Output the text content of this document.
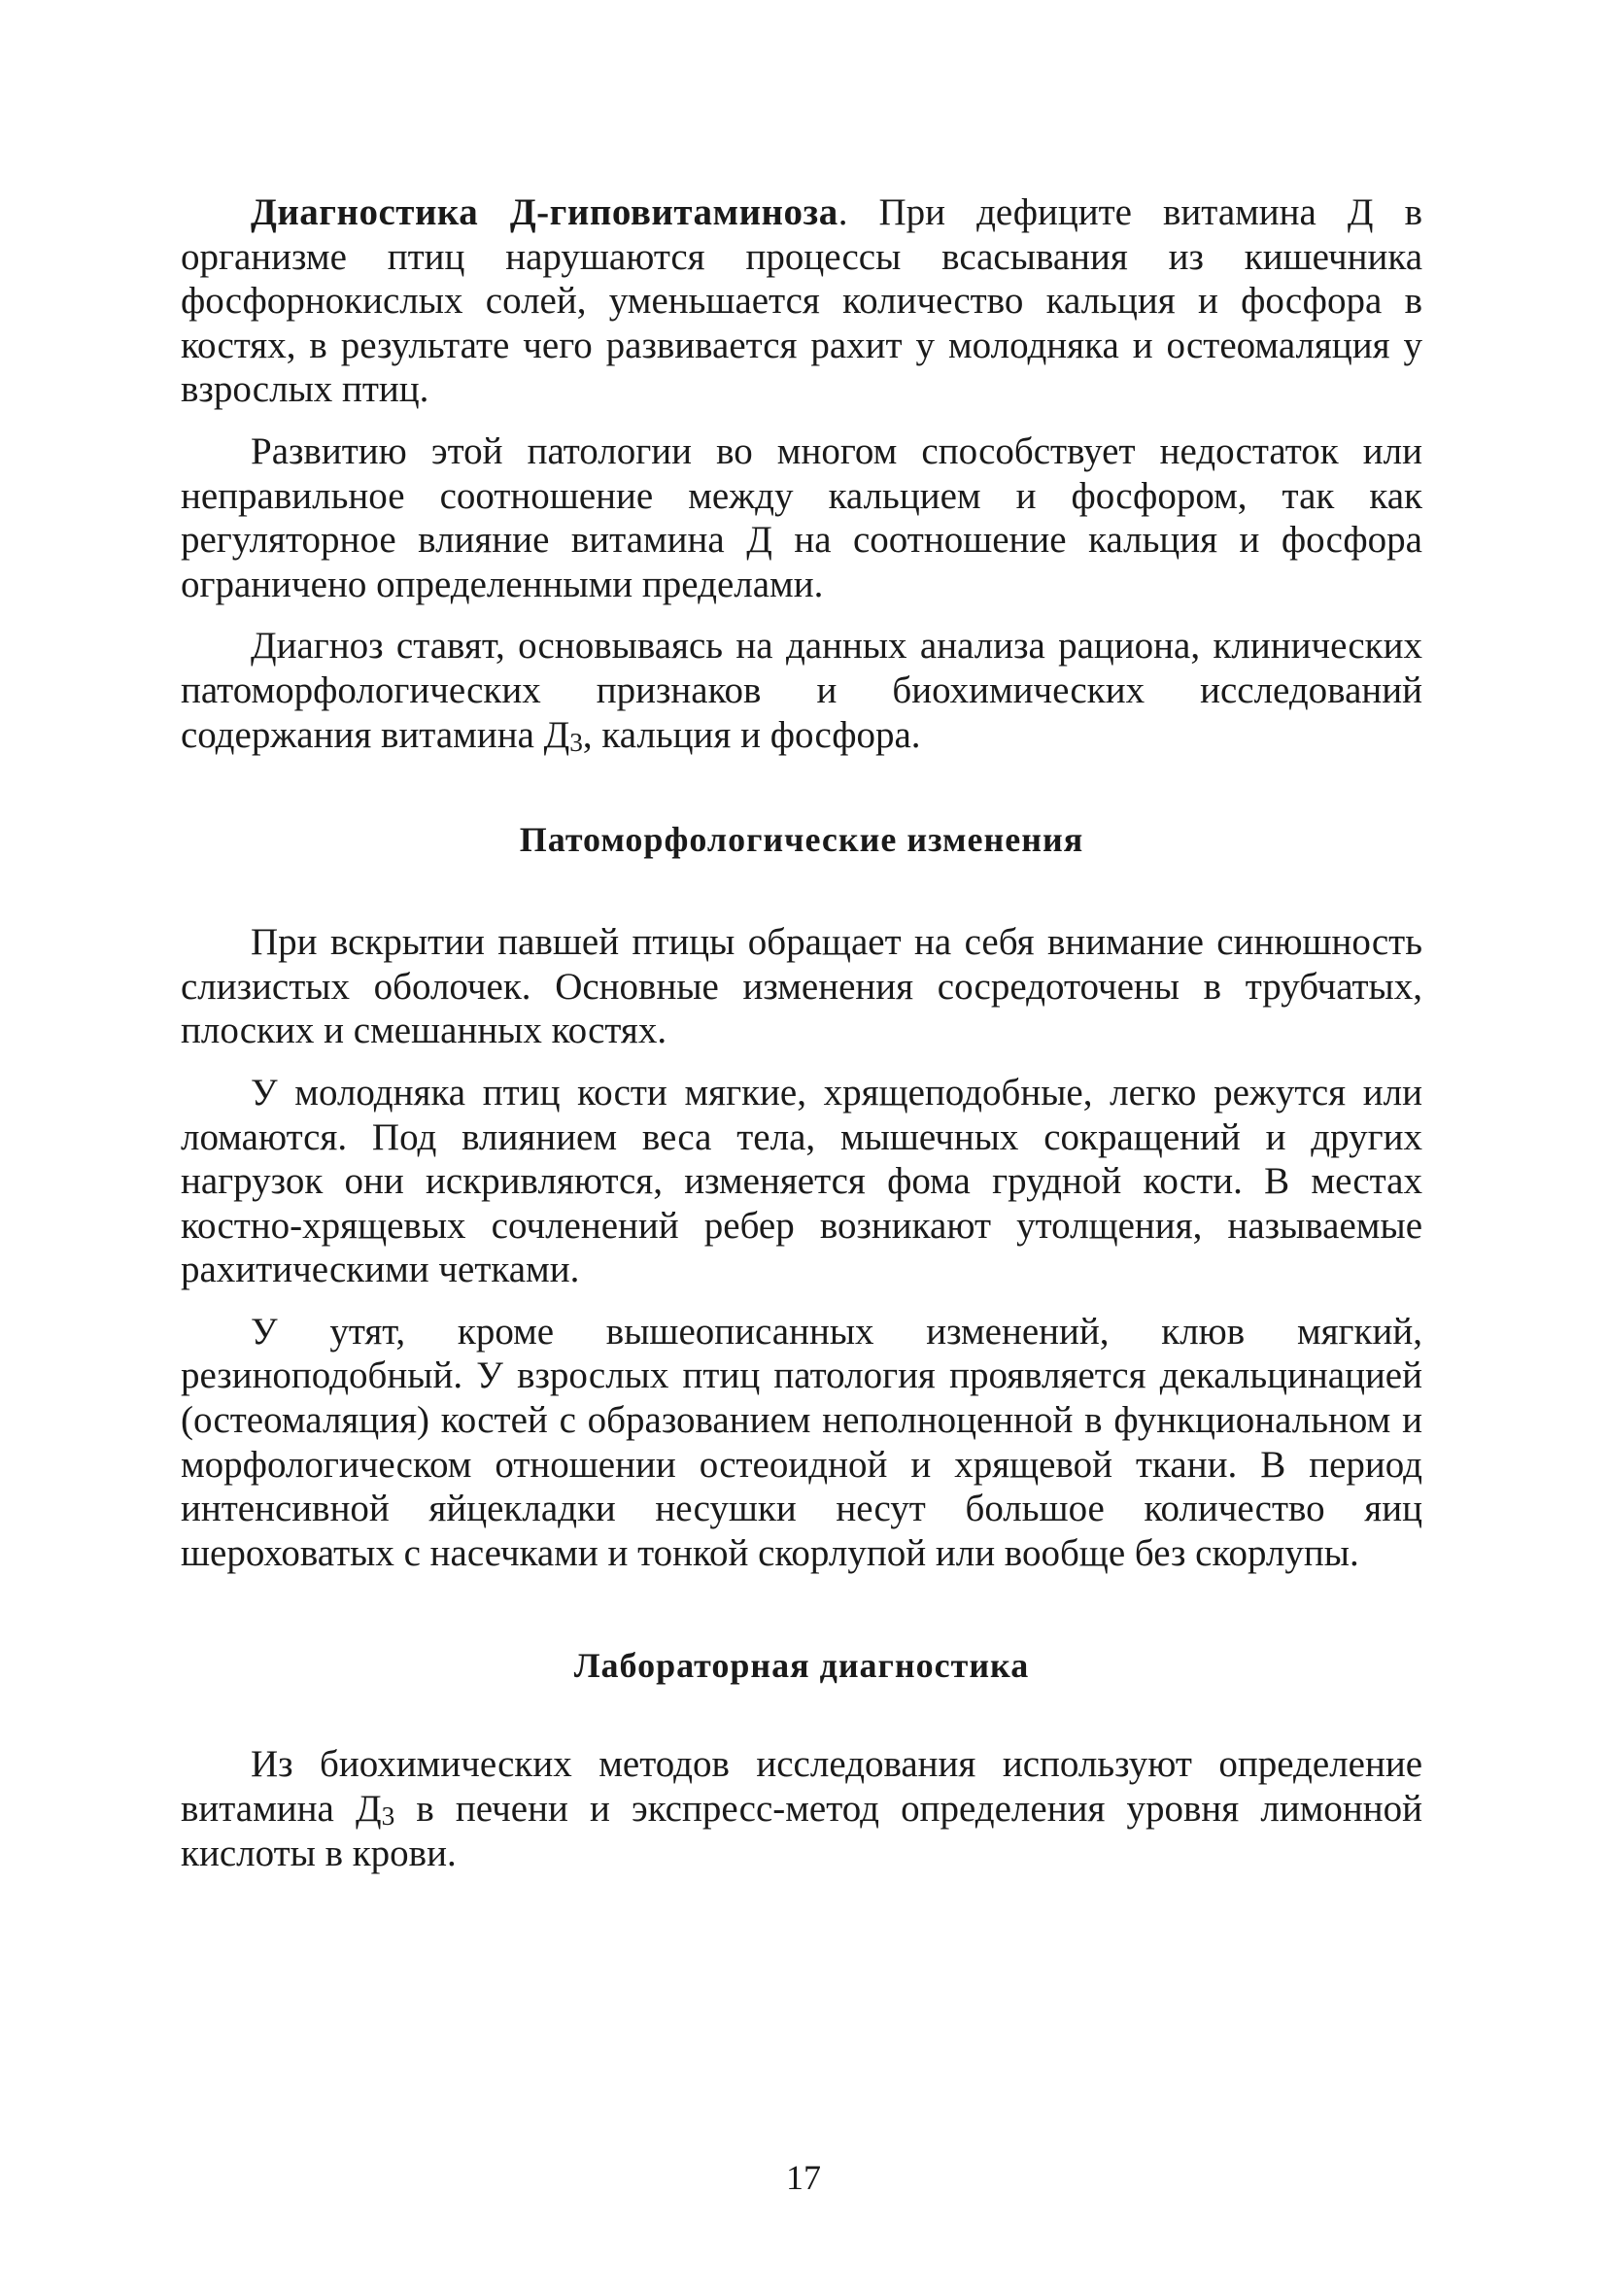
Диагностика Д-гиповитаминоза. При дефиците витамина Д в организме птиц нарушаются процессы всасывания из кишечника фосфорнокислых солей, уменьшается количество кальция и фосфора в костях, в результате чего развивается рахит у молодняка и остеомаляция у взрослых птиц.

Развитию этой патологии во многом способствует недостаток или неправильное соотношение между кальцием и фосфором, так как регуляторное влияние витамина Д на соотношение кальция и фосфора ограничено определенными пределами.

Диагноз ставят, основываясь на данных анализа рациона, клинических патоморфологических признаков и биохимических исследований содержания витамина $Д_3$, кальция и фосфора.

Патоморфологические изменения

При вскрытии павшей птицы обращает на себя внимание синюшность слизистых оболочек. Основные изменения сосредоточены в трубчатых, плоских и смешанных костях.

У молодняка птиц кости мягкие, хрящеподобные, легко режутся или ломаются. Под влиянием веса тела, мышечных сокращений и других нагрузок они искривляются, изменяется фома грудной кости. В местах костно-хрящевых сочленений ребер возникают утолщения, называемые рахитическими четками.

У утят, кроме вышеописанных изменений, клюв мягкий, резиноподобный. У взрослых птиц патология проявляется декальцинацией (остеомаляция) костей с образованием неполноценной в функциональном и морфологическом отношении остеоидной и хрящевой ткани. В период интенсивной яйцекладки несушки несут большое количество яиц шероховатых с насечками и тонкой скорлупой или вообще без скорлупы.

Лабораторная диагностика

Из биохимических методов исследования используют определение витамина $Д_3$ в печени и экспресс-метод определения уровня лимонной кислоты в крови.

17
